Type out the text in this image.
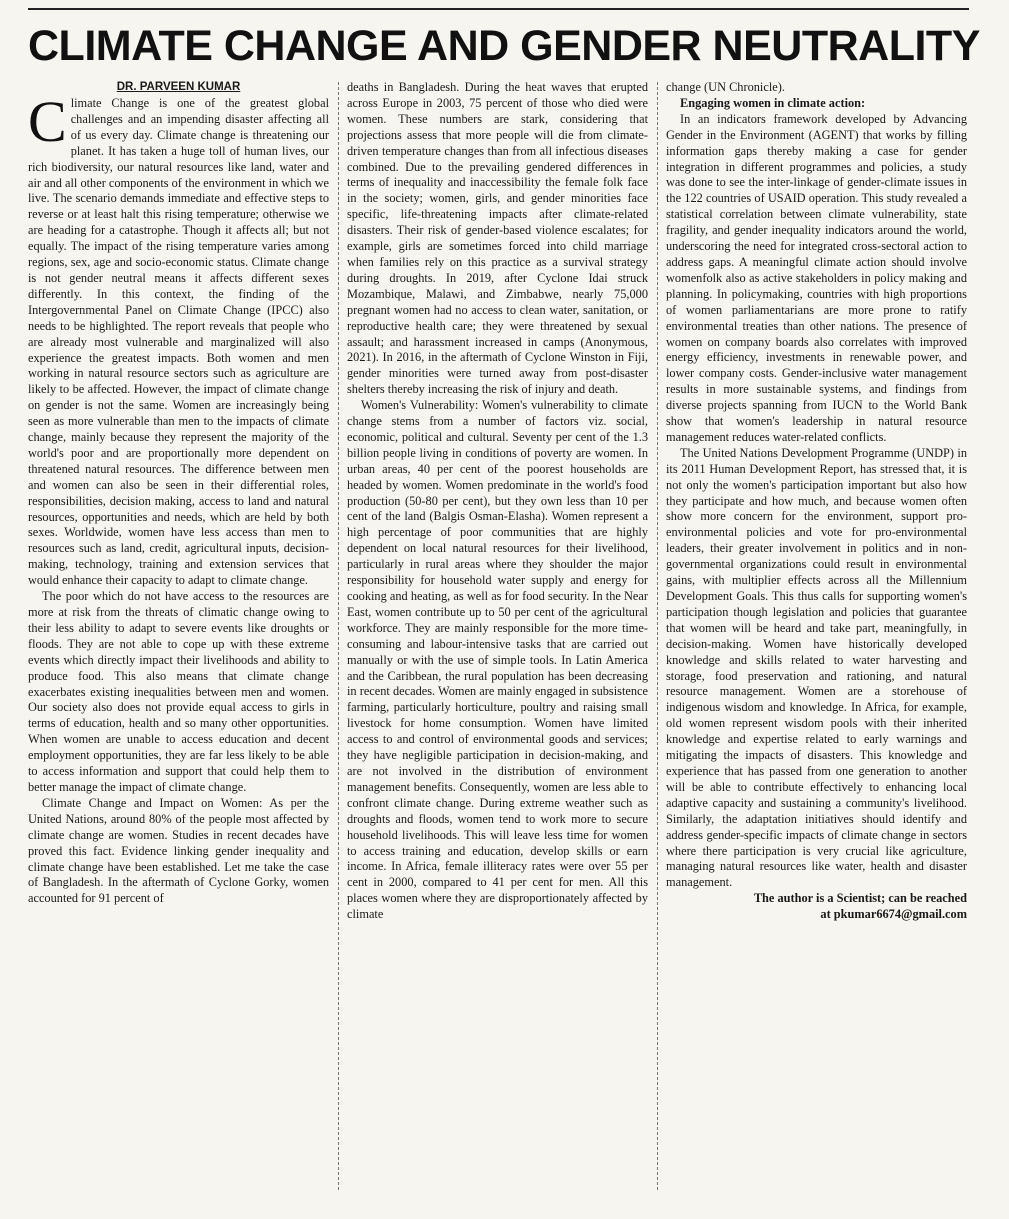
CLIMATE CHANGE AND GENDER NEUTRALITY
DR. PARVEEN KUMAR

Climate Change is one of the greatest global challenges and an impending disaster affecting all of us every day. Climate change is threatening our planet. It has taken a huge toll of human lives, our rich biodiversity, our natural resources like land, water and air and all other components of the environment in which we live. The scenario demands immediate and effective steps to reverse or at least halt this rising temperature; otherwise we are heading for a catastrophe. Though it affects all; but not equally. The impact of the rising temperature varies among regions, sex, age and socio-economic status. Climate change is not gender neutral means it affects different sexes differently. In this context, the finding of the Intergovernmental Panel on Climate Change (IPCC) also needs to be highlighted. The report reveals that people who are already most vulnerable and marginalized will also experience the greatest impacts. Both women and men working in natural resource sectors such as agriculture are likely to be affected. However, the impact of climate change on gender is not the same. Women are increasingly being seen as more vulnerable than men to the impacts of climate change, mainly because they represent the majority of the world's poor and are proportionally more dependent on threatened natural resources. The difference between men and women can also be seen in their differential roles, responsibilities, decision making, access to land and natural resources, opportunities and needs, which are held by both sexes. Worldwide, women have less access than men to resources such as land, credit, agricultural inputs, decision-making, technology, training and extension services that would enhance their capacity to adapt to climate change.

The poor which do not have access to the resources are more at risk from the threats of climatic change owing to their less ability to adapt to severe events like droughts or floods. They are not able to cope up with these extreme events which directly impact their livelihoods and ability to produce food. This also means that climate change exacerbates existing inequalities between men and women. Our society also does not provide equal access to girls in terms of education, health and so many other opportunities. When women are unable to access education and decent employment opportunities, they are far less likely to be able to access information and support that could help them to better manage the impact of climate change.

Climate Change and Impact on Women: As per the United Nations, around 80% of the people most affected by climate change are women. Studies in recent decades have proved this fact. Evidence linking gender inequality and climate change have been established. Let me take the case of Bangladesh. In the aftermath of Cyclone Gorky, women accounted for 91 percent of

deaths in Bangladesh. During the heat waves that erupted across Europe in 2003, 75 percent of those who died were women. These numbers are stark, considering that projections assess that more people will die from climate-driven temperature changes than from all infectious diseases combined. Due to the prevailing gendered differences in terms of inequality and inaccessibility the female folk face in the society; women, girls, and gender minorities face specific, life-threatening impacts after climate-related disasters. Their risk of gender-based violence escalates; for example, girls are sometimes forced into child marriage when families rely on this practice as a survival strategy during droughts. In 2019, after Cyclone Idai struck Mozambique, Malawi, and Zimbabwe, nearly 75,000 pregnant women had no access to clean water, sanitation, or reproductive health care; they were threatened by sexual assault; and harassment increased in camps (Anonymous, 2021). In 2016, in the aftermath of Cyclone Winston in Fiji, gender minorities were turned away from post-disaster shelters thereby increasing the risk of injury and death.

Women's Vulnerability: Women's vulnerability to climate change stems from a number of factors viz. social, economic, political and cultural. Seventy per cent of the 1.3 billion people living in conditions of poverty are women. In urban areas, 40 per cent of the poorest households are headed by women. Women predominate in the world's food production (50-80 per cent), but they own less than 10 per cent of the land (Balgis Osman-Elasha). Women represent a high percentage of poor communities that are highly dependent on local natural resources for their livelihood, particularly in rural areas where they shoulder the major responsibility for household water supply and energy for cooking and heating, as well as for food security. In the Near East, women contribute up to 50 per cent of the agricultural workforce. They are mainly responsible for the more time-consuming and labour-intensive tasks that are carried out manually or with the use of simple tools. In Latin America and the Caribbean, the rural population has been decreasing in recent decades. Women are mainly engaged in subsistence farming, particularly horticulture, poultry and raising small livestock for home consumption. Women have limited access to and control of environmental goods and services; they have negligible participation in decision-making, and are not involved in the distribution of environment management benefits. Consequently, women are less able to confront climate change. During extreme weather such as droughts and floods, women tend to work more to secure household livelihoods. This will leave less time for women to access training and education, develop skills or earn income. In Africa, female illiteracy rates were over 55 per cent in 2000, compared to 41 per cent for men. All this places women where they are disproportionately affected by climate

change (UN Chronicle).

Engaging women in climate action:

In an indicators framework developed by Advancing Gender in the Environment (AGENT) that works by filling information gaps thereby making a case for gender integration in different programmes and policies, a study was done to see the inter-linkage of gender-climate issues in the 122 countries of USAID operation. This study revealed a statistical correlation between climate vulnerability, state fragility, and gender inequality indicators around the world, underscoring the need for integrated cross-sectoral action to address gaps. A meaningful climate action should involve womenfolk also as active stakeholders in policy making and planning. In policymaking, countries with high proportions of women parliamentarians are more prone to ratify environmental treaties than other nations. The presence of women on company boards also correlates with improved energy efficiency, investments in renewable power, and lower company costs. Gender-inclusive water management results in more sustainable systems, and findings from diverse projects spanning from IUCN to the World Bank show that women's leadership in natural resource management reduces water-related conflicts.

The United Nations Development Programme (UNDP) in its 2011 Human Development Report, has stressed that, it is not only the women's participation important but also how they participate and how much, and because women often show more concern for the environment, support pro-environmental policies and vote for pro-environmental leaders, their greater involvement in politics and in non-governmental organizations could result in environmental gains, with multiplier effects across all the Millennium Development Goals. This thus calls for supporting women's participation though legislation and policies that guarantee that women will be heard and take part, meaningfully, in decision-making. Women have historically developed knowledge and skills related to water harvesting and storage, food preservation and rationing, and natural resource management. Women are a storehouse of indigenous wisdom and knowledge. In Africa, for example, old women represent wisdom pools with their inherited knowledge and expertise related to early warnings and mitigating the impacts of disasters. This knowledge and experience that has passed from one generation to another will be able to contribute effectively to enhancing local adaptive capacity and sustaining a community's livelihood. Similarly, the adaptation initiatives should identify and address gender-specific impacts of climate change in sectors where there participation is very crucial like agriculture, managing natural resources like water, health and disaster management.

The author is a Scientist; can be reached

at pkumar6674@gmail.com
